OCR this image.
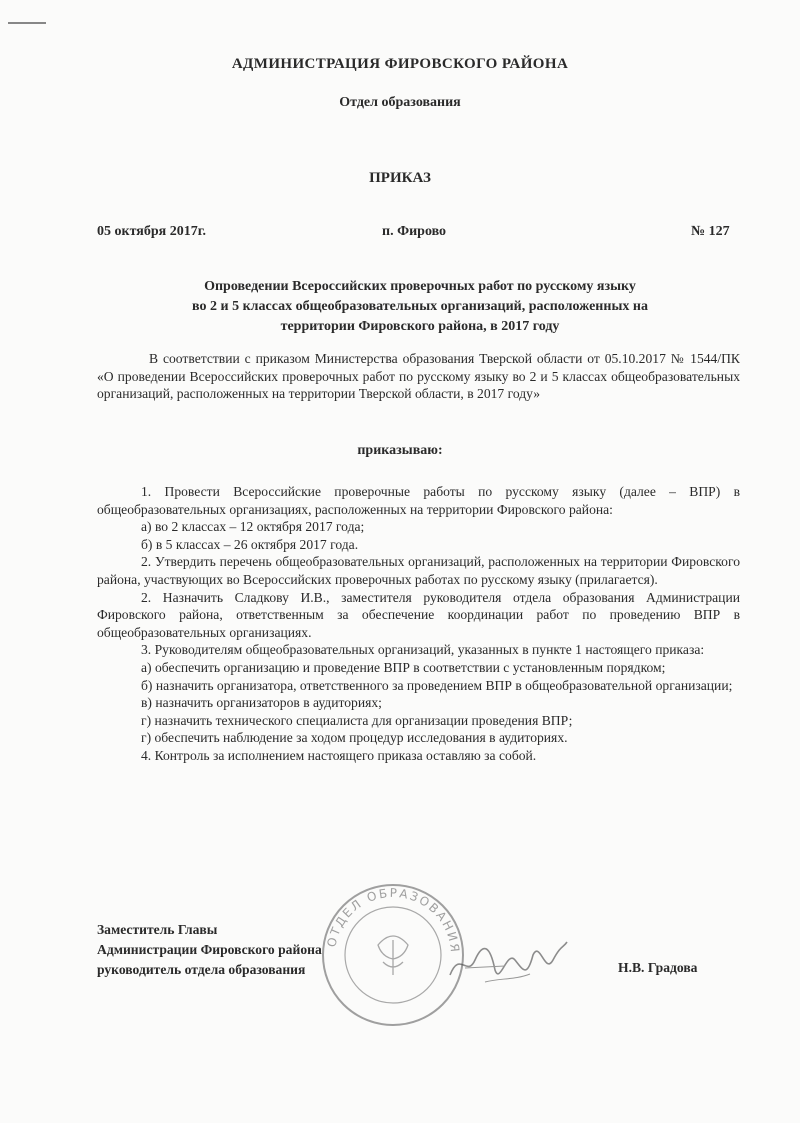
АДМИНИСТРАЦИЯ ФИРОВСКОГО РАЙОНА
Отдел образования
ПРИКАЗ
05 октября 2017г.	п. Фирово	№ 127
Опроведении Всероссийских проверочных работ по русскому языку
во 2 и 5 классах общеобразовательных организаций, расположенных на
территории Фировского района, в 2017 году
В соответствии с приказом Министерства образования Тверской области от 05.10.2017 № 1544/ПК «О проведении Всероссийских проверочных работ по русскому языку во 2 и 5 классах общеобразовательных организаций, расположенных на территории Тверской области, в 2017 году»
приказываю:

1. Провести Всероссийские проверочные работы по русскому языку (далее – ВПР) в общеобразовательных организациях, расположенных на территории Фировского района:

а) во 2 классах – 12 октября 2017 года;

б) в 5 классах – 26 октября 2017 года.

2. Утвердить перечень общеобразовательных организаций, расположенных на территории Фировского района, участвующих во Всероссийских проверочных работах по русскому языку (прилагается).

2. Назначить Сладкову И.В., заместителя руководителя отдела образования Администрации Фировского района, ответственным за обеспечение координации работ по проведению ВПР в общеобразовательных организациях.

3. Руководителям общеобразовательных организаций, указанных в пункте 1 настоящего приказа:

а) обеспечить организацию и проведение ВПР в соответствии с установленным порядком;

б) назначить организатора, ответственного за проведением ВПР в общеобразовательной организации;

в) назначить организаторов в аудиториях;

г) назначить технического специалиста для организации проведения ВПР;

г) обеспечить наблюдение за ходом процедур исследования в аудиториях.

4. Контроль за исполнением настоящего приказа оставляю за собой.

Заместитель Главы
Администрации Фировского района
руководитель отдела образования	Н.В. Градова
ОТДЕЛ ОБРАЗОВАНИЯ
